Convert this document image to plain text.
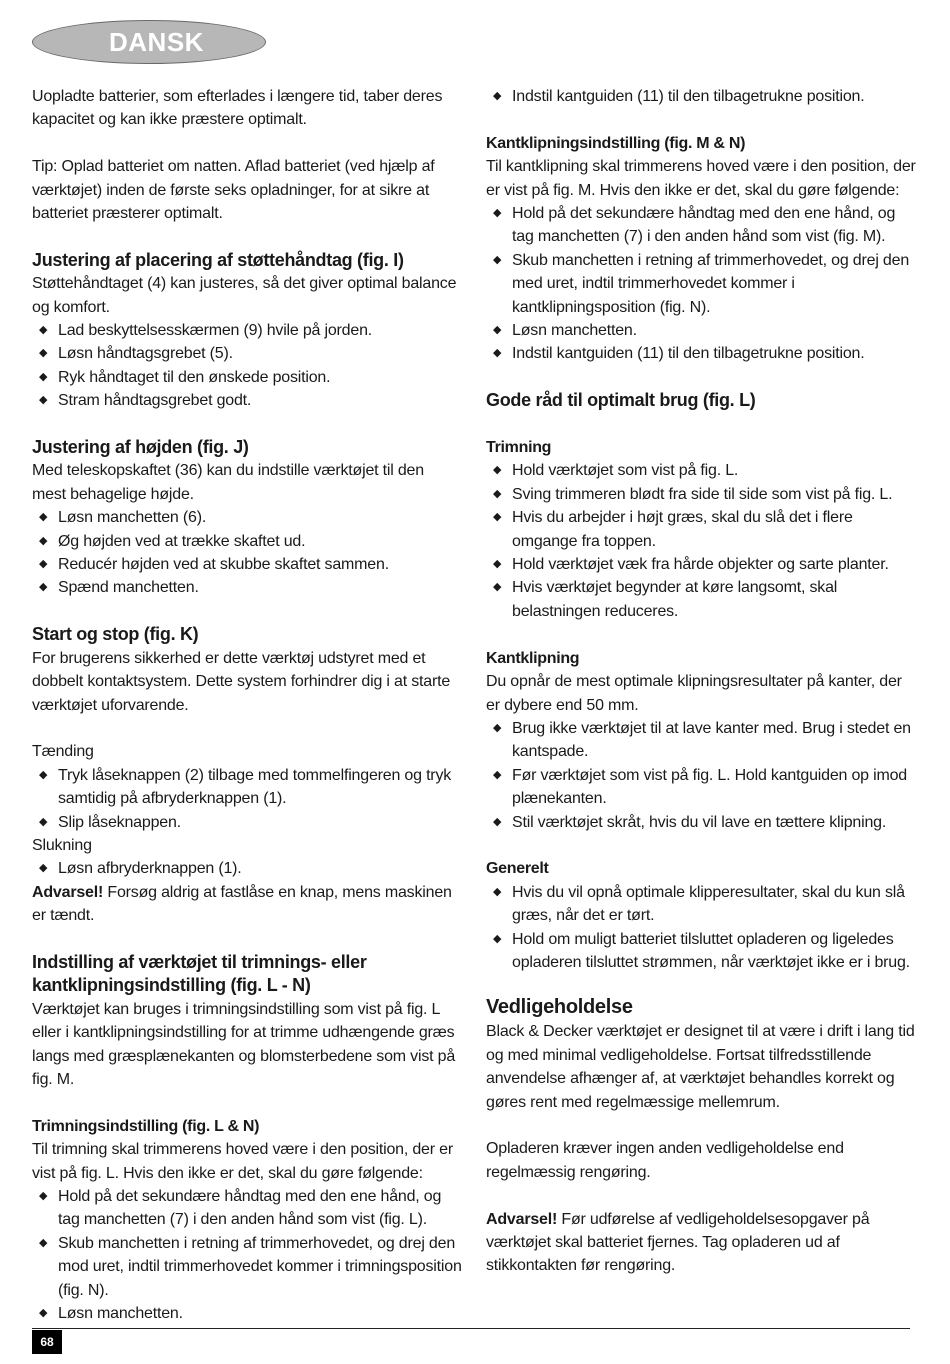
DANSK

Uopladte batterier, som efterlades i længere tid, taber deres kapacitet og kan ikke præstere optimalt.

Tip: Oplad batteriet om natten. Aflad batteriet (ved hjælp af værktøjet) inden de første seks opladninger, for at sikre at batteriet præsterer optimalt.

Justering af placering af støttehåndtag (fig. I)

Støttehåndtaget (4) kan justeres, så det giver optimal balance og komfort.

◆ Lad beskyttelsesskærmen (9) hvile på jorden.
◆ Løsn håndtagsgrebet (5).
◆ Ryk håndtaget til den ønskede position.
◆ Stram håndtagsgrebet godt.
Justering af højden (fig. J)

Med teleskopskaftet (36) kan du indstille værktøjet til den mest behagelige højde.

◆ Løsn manchetten (6).
◆ Øg højden ved at trække skaftet ud.
◆ Reducér højden ved at skubbe skaftet sammen.
◆ Spænd manchetten.
Start og stop (fig. K)

For brugerens sikkerhed er dette værktøj udstyret med et dobbelt kontaktsystem. Dette system forhindrer dig i at starte værktøjet uforvarende.

Tænding

◆ Tryk låseknappen (2) tilbage med tommelfingeren og tryk samtidig på afbryderknappen (1).
◆ Slip låseknappen.

Slukning

◆ Løsn afbryderknappen (1).

Advarsel! Forsøg aldrig at fastlåse en knap, mens maskinen er tændt.

Indstilling af værktøjet til trimnings- eller kantklipningsindstilling (fig. L - N)

Værktøjet kan bruges i trimningsindstilling som vist på fig. L eller i kantklipningsindstilling for at trimme udhængende græs langs med græsplænekanten og blomsterbedene som vist på fig. M.

Trimningsindstilling (fig. L & N)

Til trimning skal trimmerens hoved være i den position, der er vist på fig. L. Hvis den ikke er det, skal du gøre følgende:

◆ Hold på det sekundære håndtag med den ene hånd, og tag manchetten (7) i den anden hånd som vist (fig. L).
◆ Skub manchetten i retning af trimmerhovedet, og drej den mod uret, indtil trimmerhovedet kommer i trimningsposition (fig. N).
◆ Løsn manchetten.
◆ Indstil kantguiden (11) til den tilbagetrukne position.
Kantklipningsindstilling (fig. M & N)

Til kantklipning skal trimmerens hoved være i den position, der er vist på fig. M. Hvis den ikke er det, skal du gøre følgende:

◆ Hold på det sekundære håndtag med den ene hånd, og tag manchetten (7) i den anden hånd som vist (fig. M).
◆ Skub manchetten i retning af trimmerhovedet, og drej den med uret, indtil trimmerhovedet kommer i kantklipningsposition (fig. N).
◆ Løsn manchetten.
◆ Indstil kantguiden (11) til den tilbagetrukne position.
Gode råd til optimalt brug (fig. L)
Trimning
◆ Hold værktøjet som vist på fig. L.
◆ Sving trimmeren blødt fra side til side som vist på fig. L.
◆ Hvis du arbejder i højt græs, skal du slå det i flere omgange fra toppen.
◆ Hold værktøjet væk fra hårde objekter og sarte planter.
◆ Hvis værktøjet begynder at køre langsomt, skal belastningen reduceres.
Kantklipning

Du opnår de mest optimale klipningsresultater på kanter, der er dybere end 50 mm.

◆ Brug ikke værktøjet til at lave kanter med. Brug i stedet en kantspade.
◆ Før værktøjet som vist på fig. L. Hold kantguiden op imod plænekanten.
◆ Stil værktøjet skråt, hvis du vil lave en tættere klipning.
Generelt
◆ Hvis du vil opnå optimale klipperesultater, skal du kun slå græs, når det er tørt.
◆ Hold om muligt batteriet tilsluttet opladeren og ligeledes opladeren tilsluttet strømmen, når værktøjet ikke er i brug.
Vedligeholdelse

Black & Decker værktøjet er designet til at være i drift i lang tid og med minimal vedligeholdelse. Fortsat tilfredsstillende anvendelse afhænger af, at værktøjet behandles korrekt og gøres rent med regelmæssige mellemrum.

Opladeren kræver ingen anden vedligeholdelse end regelmæssig rengøring.

Advarsel! Før udførelse af vedligeholdelsesopgaver på værktøjet skal batteriet fjernes. Tag opladeren ud af stikkontakten før rengøring.

68
